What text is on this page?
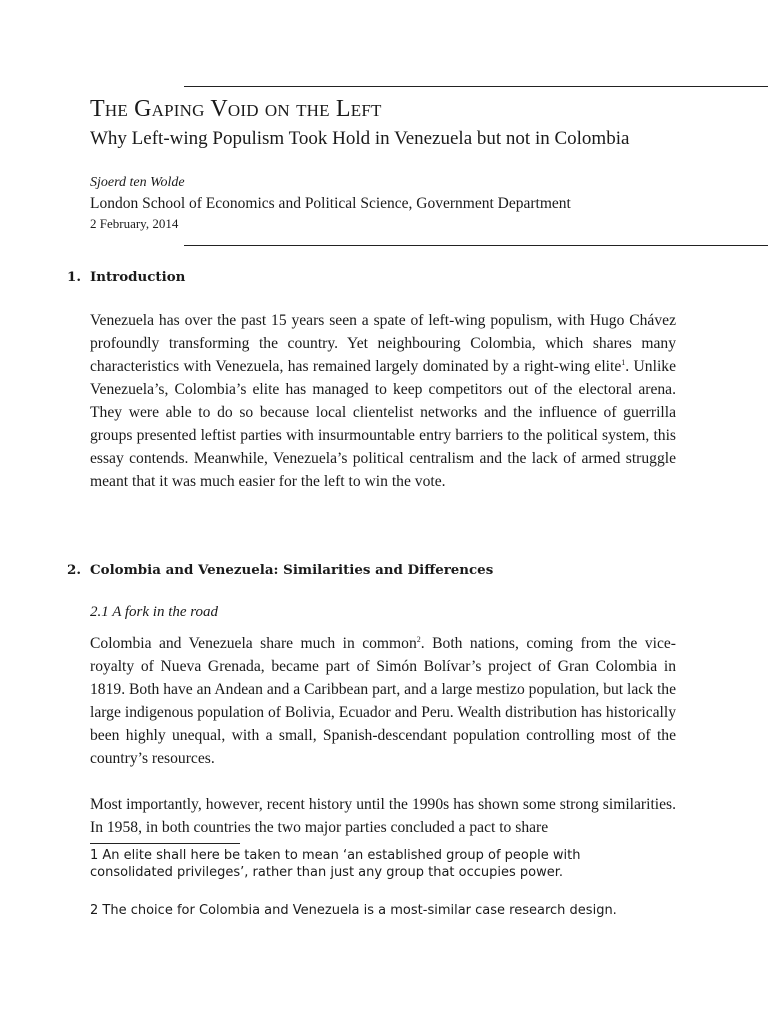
The Gaping Void on the Left
Why Left-wing Populism Took Hold in Venezuela but not in Colombia
Sjoerd ten Wolde
London School of Economics and Political Science, Government Department
2 February, 2014
1. Introduction

Venezuela has over the past 15 years seen a spate of left-wing populism, with Hugo Chávez profoundly transforming the country. Yet neighbouring Colombia, which shares many characteristics with Venezuela, has remained largely dominated by a right-wing elite$^1$. Unlike Venezuela’s, Colombia’s elite has managed to keep competitors out of the electoral arena. They were able to do so because local clientelist networks and the influence of guerrilla groups presented leftist parties with insurmountable entry barriers to the political system, this essay contends. Meanwhile, Venezuela’s political centralism and the lack of armed struggle meant that it was much easier for the left to win the vote.

2. Colombia and Venezuela: Similarities and Differences
2.1 A fork in the road

Colombia and Venezuela share much in common$^2$. Both nations, coming from the vice-royalty of Nueva Grenada, became part of Simón Bolívar’s project of Gran Colombia in 1819. Both have an Andean and a Caribbean part, and a large mestizo population, but lack the large indigenous population of Bolivia, Ecuador and Peru. Wealth distribution has historically been highly unequal, with a small, Spanish-descendant population controlling most of the country’s resources.

Most importantly, however, recent history until the 1990s has shown some strong similarities. In 1958, in both countries the two major parties concluded a pact to share

1 An elite shall here be taken to mean ‘an established group of people with consolidated privileges’, rather than just any group that occupies power.

2 The choice for Colombia and Venezuela is a most-similar case research design.
